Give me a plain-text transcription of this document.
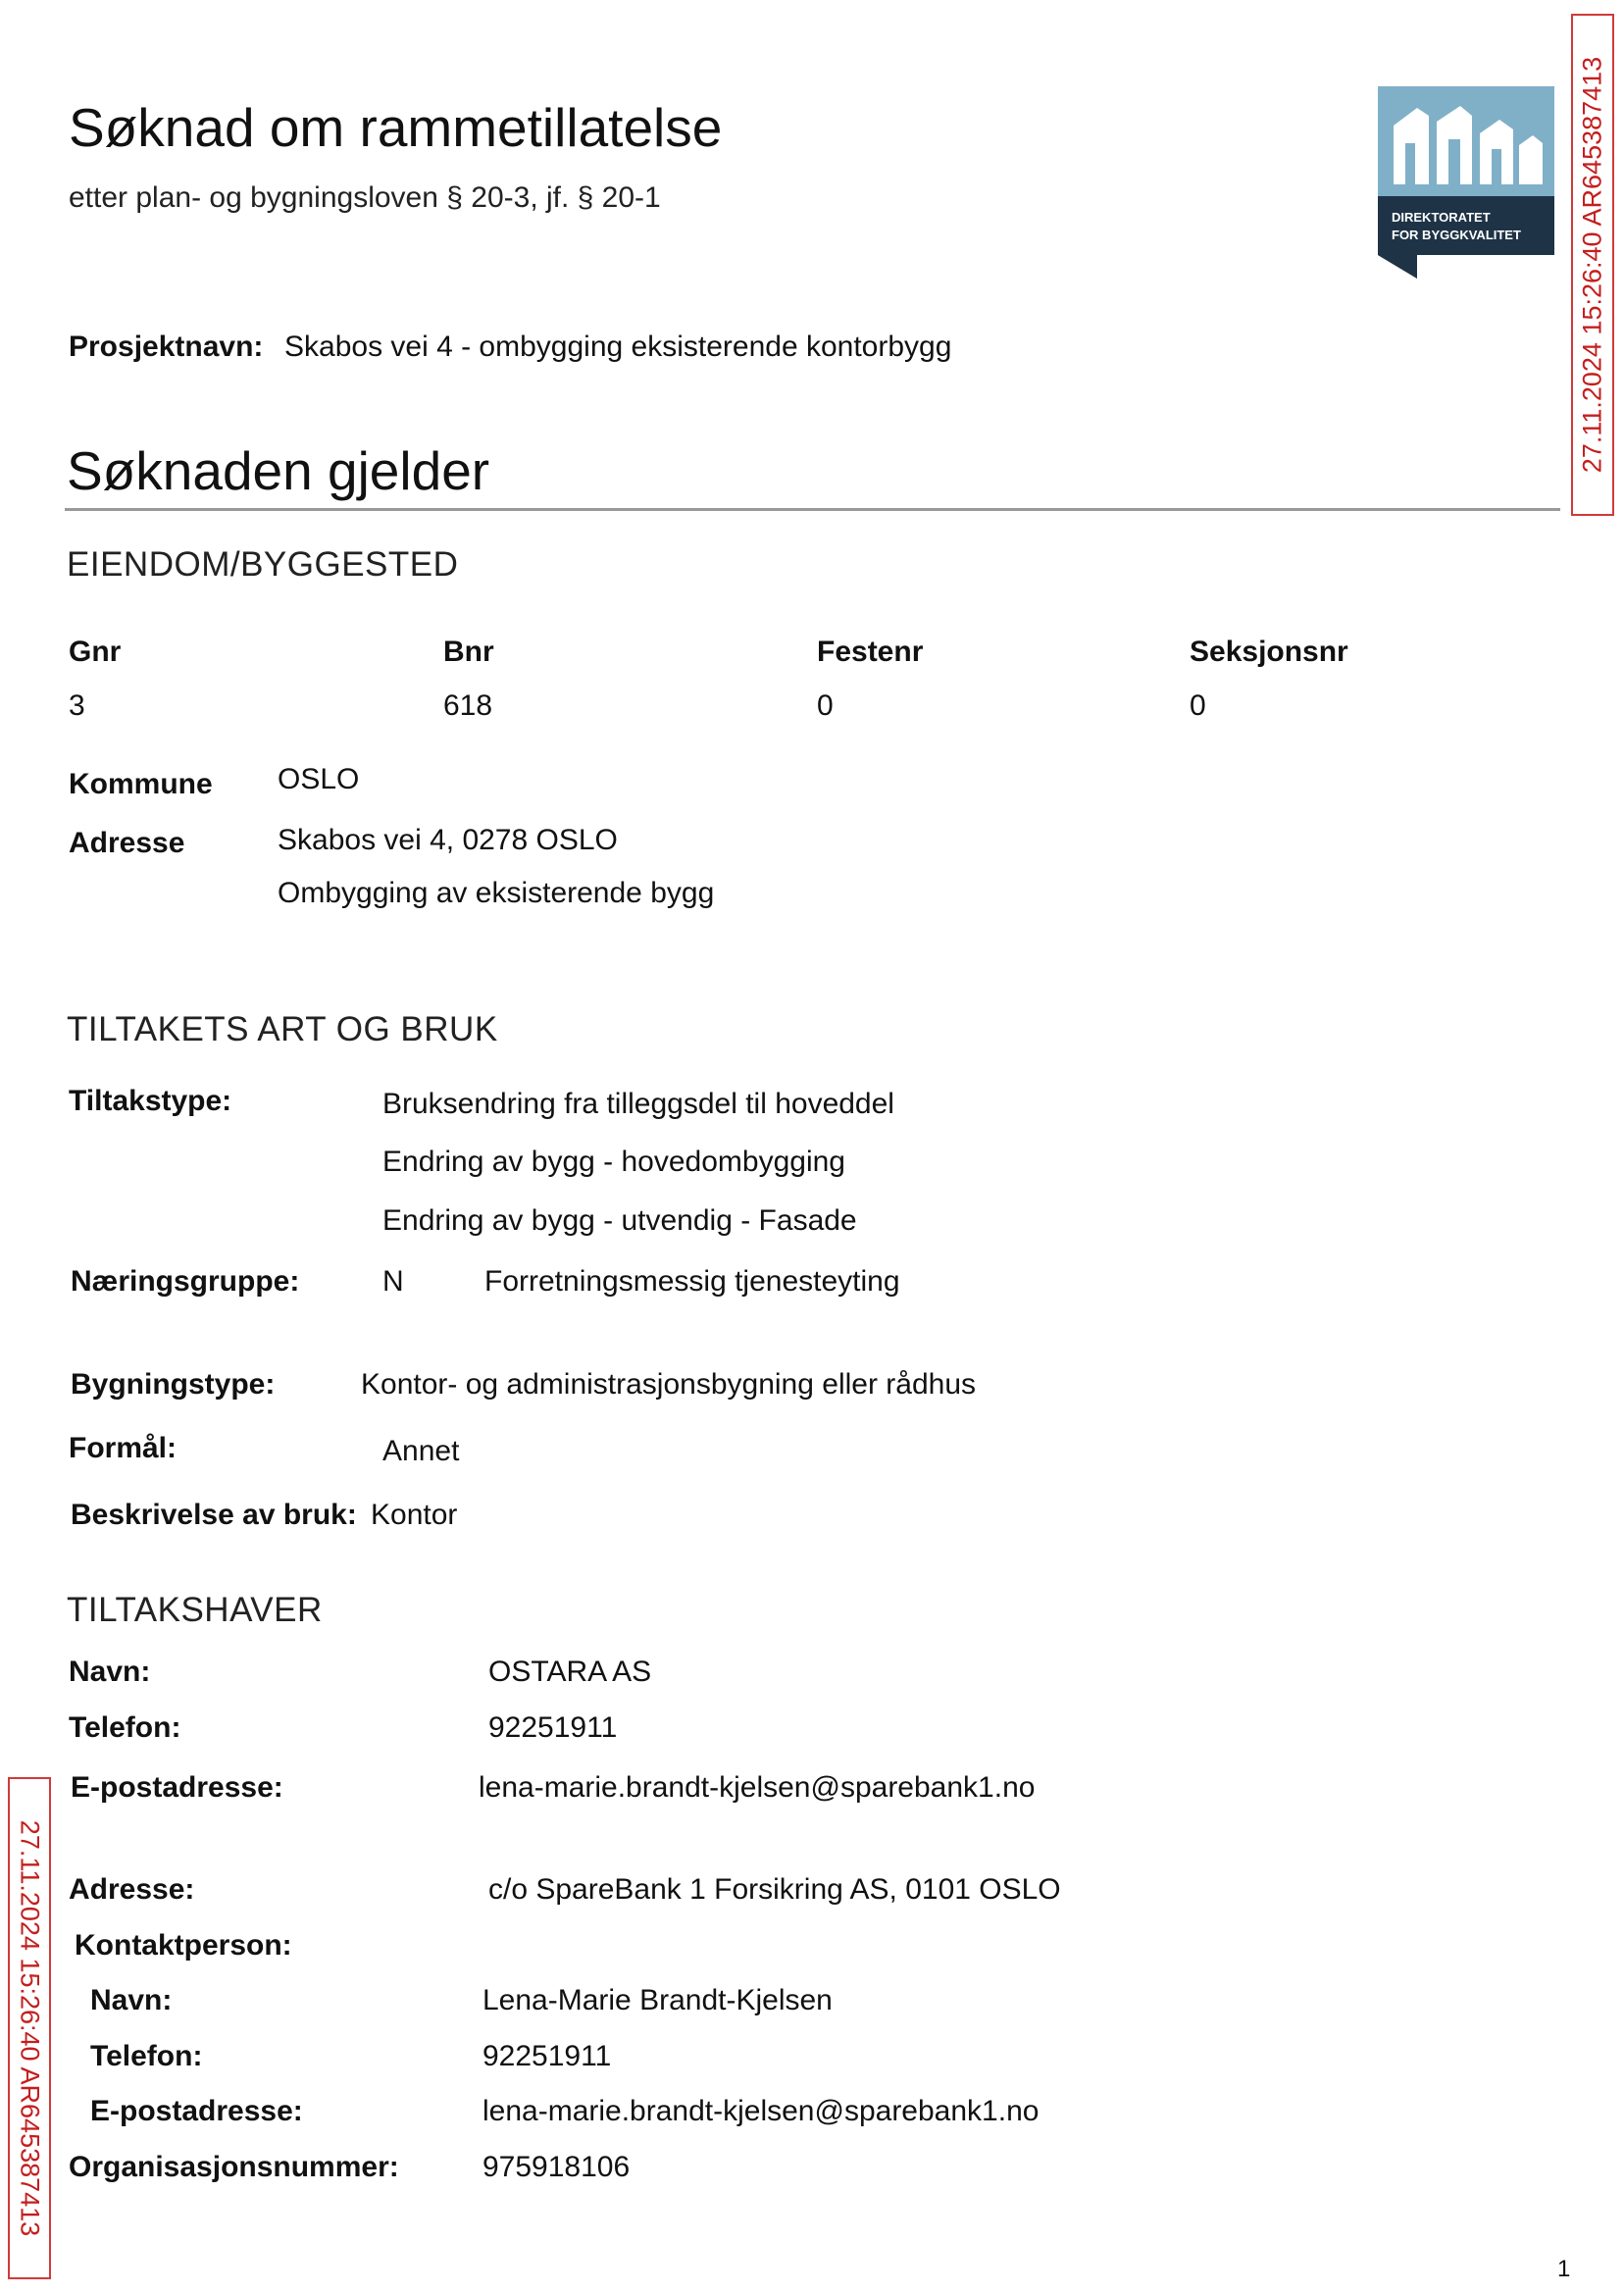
Søknad om rammetillatelse
etter plan- og bygningsloven § 20-3, jf. § 20-1
DIREKTORATET
FOR BYGGKVALITET
Prosjektnavn: Skabos vei 4 - ombygging eksisterende kontorbygg
Søknaden gjelder
EIENDOM/BYGGESTED
Gnr	Bnr	Festenr	Seksjonsnr
3	618	0	0
Kommune OSLO
Adresse	Skabos vei 4, 0278 OSLO
Ombygging av eksisterende bygg
TILTAKETS ART OG BRUK
Tiltakstype:	Bruksendring fra tilleggsdel til hoveddel
Endring av bygg - hovedombygging
Endring av bygg - utvendig - Fasade
Næringsgruppe:	N	Forretningsmessig tjenesteyting
Bygningstype:	Kontor- og administrasjonsbygning eller rådhus
Formål:	Annet
Beskrivelse av bruk: Kontor
TILTAKSHAVER
Navn:	OSTARA AS
Telefon:	92251911
E-postadresse:	lena-marie.brandt-kjelsen@sparebank1.no
Adresse:	c/o SpareBank 1 Forsikring AS, 0101 OSLO
Kontaktperson:
Navn:	Lena-Marie Brandt-Kjelsen
Telefon:	92251911
E-postadresse:	lena-marie.brandt-kjelsen@sparebank1.no
Organisasjonsnummer:	975918106
27.11.2024 15:26:40 AR645387413
27.11.2024 15:26:40 AR645387413
1
